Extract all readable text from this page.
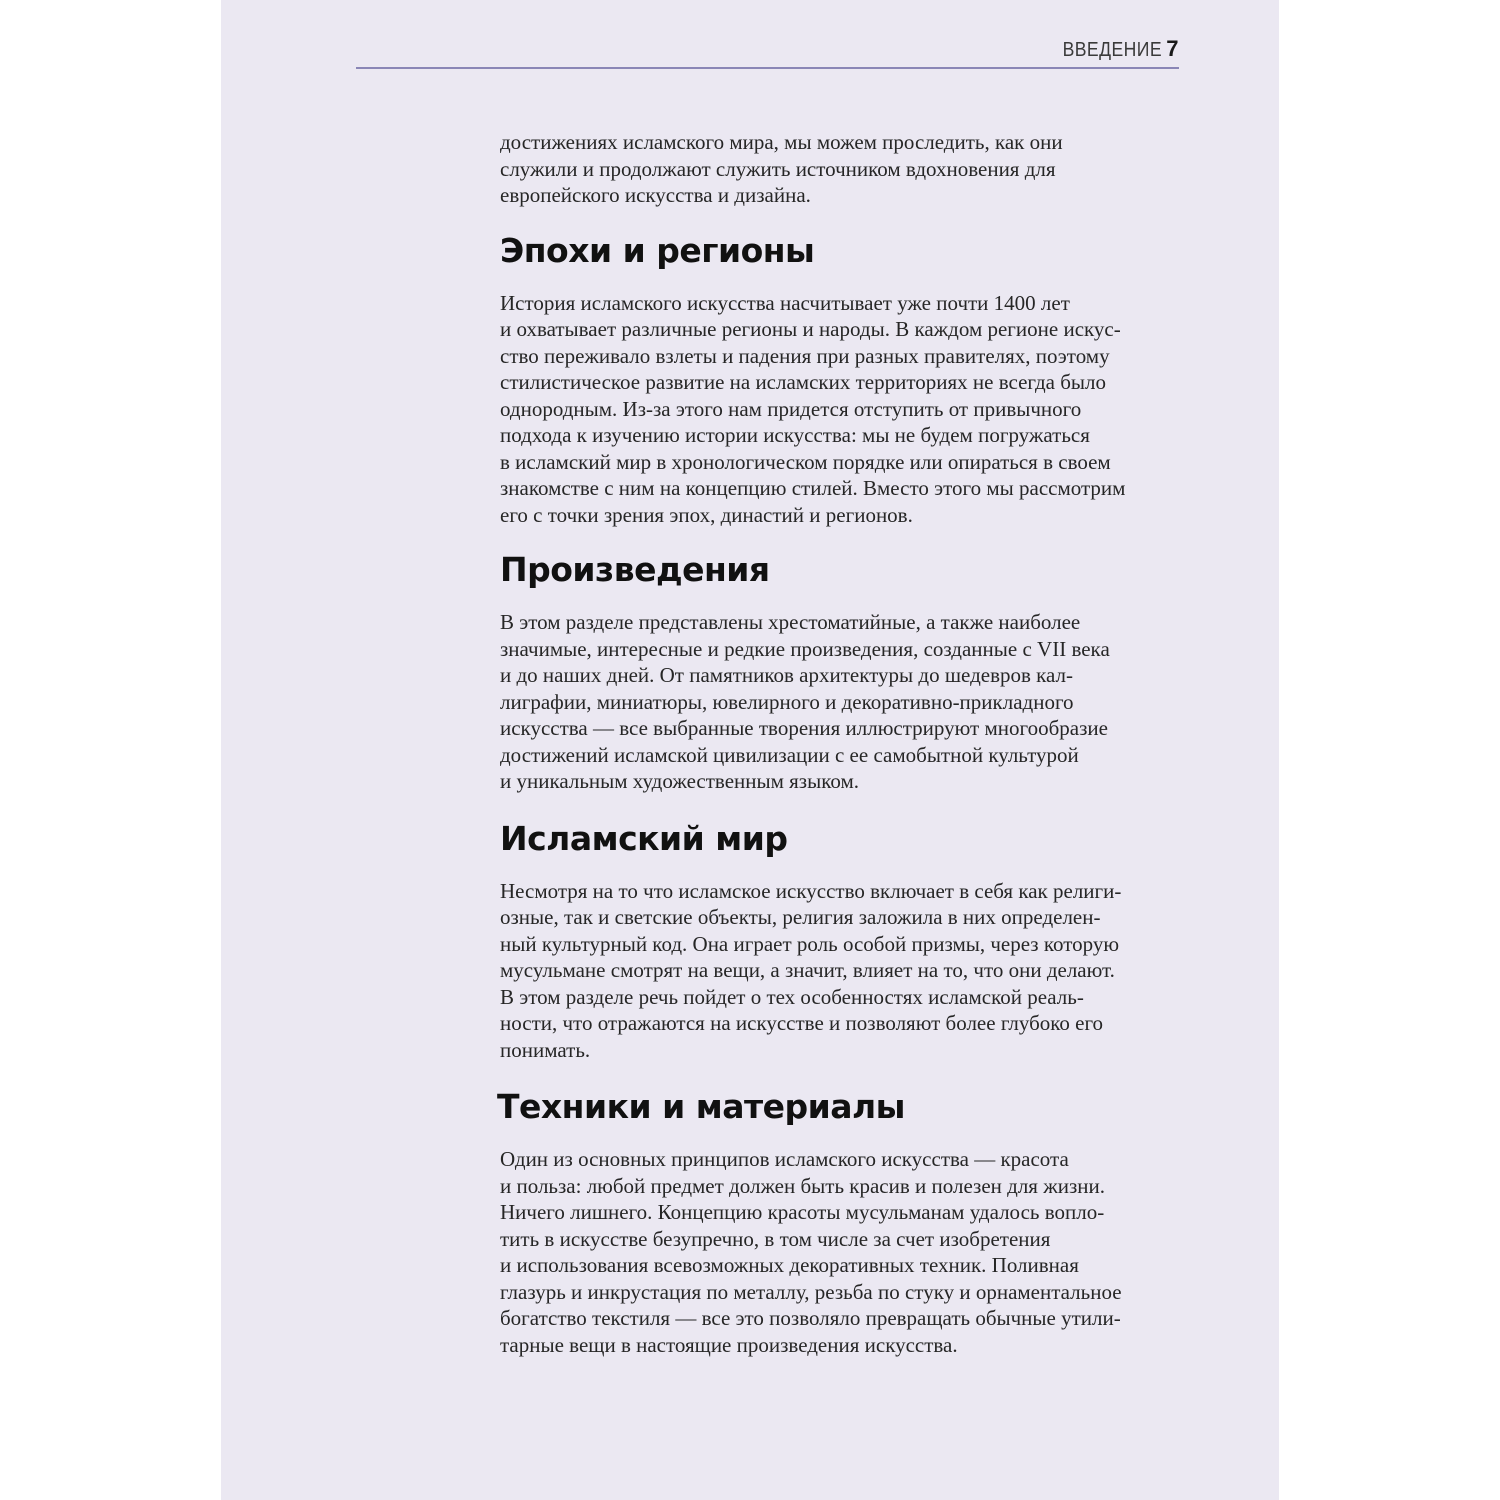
ВВЕДЕНИЕ 7

достижениях исламского мира, мы можем проследить, как они
служили и продолжают служить источником вдохновения для
европейского искусства и дизайна.

Эпохи и регионы

История исламского искусства насчитывает уже почти 1400 лет
и охватывает различные регионы и народы. В каждом регионе искус-
ство переживало взлеты и падения при разных правителях, поэтому
стилистическое развитие на исламских территориях не всегда было
однородным. Из-за этого нам придется отступить от привычного
подхода к изучению истории искусства: мы не будем погружаться
в исламский мир в хронологическом порядке или опираться в своем
знакомстве с ним на концепцию стилей. Вместо этого мы рассмотрим
его с точки зрения эпох, династий и регионов.

Произведения

В этом разделе представлены хрестоматийные, а также наиболее
значимые, интересные и редкие произведения, созданные с VII века
и до наших дней. От памятников архитектуры до шедевров кал-
лиграфии, миниатюры, ювелирного и декоративно-прикладного
искусства — все выбранные творения иллюстрируют многообразие
достижений исламской цивилизации с ее самобытной культурой
и уникальным художественным языком.

Исламский мир

Несмотря на то что исламское искусство включает в себя как религи-
озные, так и светские объекты, религия заложила в них определен-
ный культурный код. Она играет роль особой призмы, через которую
мусульмане смотрят на вещи, а значит, влияет на то, что они делают.
В этом разделе речь пойдет о тех особенностях исламской реаль-
ности, что отражаются на искусстве и позволяют более глубоко его
понимать.

Техники и материалы

Один из основных принципов исламского искусства — красота
и польза: любой предмет должен быть красив и полезен для жизни.
Ничего лишнего. Концепцию красоты мусульманам удалось вопло-
тить в искусстве безупречно, в том числе за счет изобретения
и использования всевозможных декоративных техник. Поливная
глазурь и инкрустация по металлу, резьба по стуку и орнаментальное
богатство текстиля — все это позволяло превращать обычные утили-
тарные вещи в настоящие произведения искусства.
